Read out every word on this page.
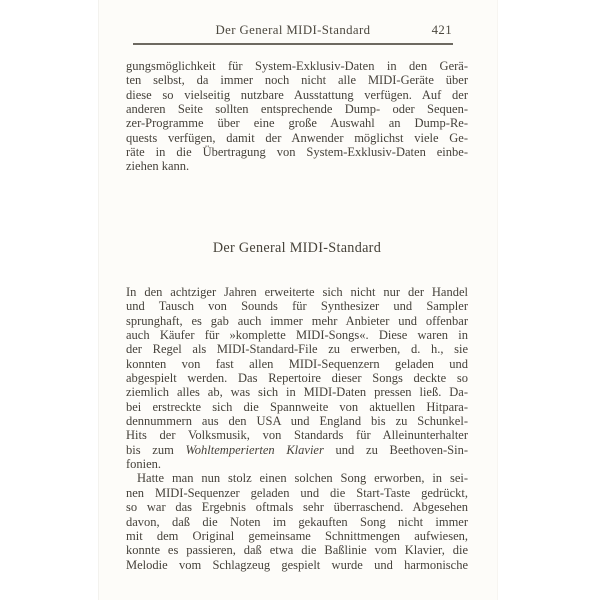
Der General MIDI-Standard	421
gungsmöglichkeit für System-Exklusiv-Daten in den Gerä-
ten selbst, da immer noch nicht alle MIDI-Geräte über
diese so vielseitig nutzbare Ausstattung verfügen. Auf der
anderen Seite sollten entsprechende Dump- oder Sequen-
zer-Programme über eine große Auswahl an Dump-Re-
quests verfügen, damit der Anwender möglichst viele Ge-
räte in die Übertragung von System-Exklusiv-Daten einbe-
ziehen kann.
Der General MIDI-Standard
In den achtziger Jahren erweiterte sich nicht nur der Handel
und Tausch von Sounds für Synthesizer und Sampler
sprunghaft, es gab auch immer mehr Anbieter und offenbar
auch Käufer für »komplette MIDI-Songs«. Diese waren in
der Regel als MIDI-Standard-File zu erwerben, d. h., sie
konnten von fast allen MIDI-Sequenzern geladen und
abgespielt werden. Das Repertoire dieser Songs deckte so
ziemlich alles ab, was sich in MIDI-Daten pressen ließ. Da-
bei erstreckte sich die Spannweite von aktuellen Hitpara-
dennummern aus den USA und England bis zu Schunkel-
Hits der Volksmusik, von Standards für Alleinunterhalter
bis zum Wohltemperierten Klavier und zu Beethoven-Sin-
fonien.
Hatte man nun stolz einen solchen Song erworben, in sei-
nen MIDI-Sequenzer geladen und die Start-Taste gedrückt,
so war das Ergebnis oftmals sehr überraschend. Abgesehen
davon, daß die Noten im gekauften Song nicht immer
mit dem Original gemeinsame Schnittmengen aufwiesen,
konnte es passieren, daß etwa die Baßlinie vom Klavier, die
Melodie vom Schlagzeug gespielt wurde und harmonische
